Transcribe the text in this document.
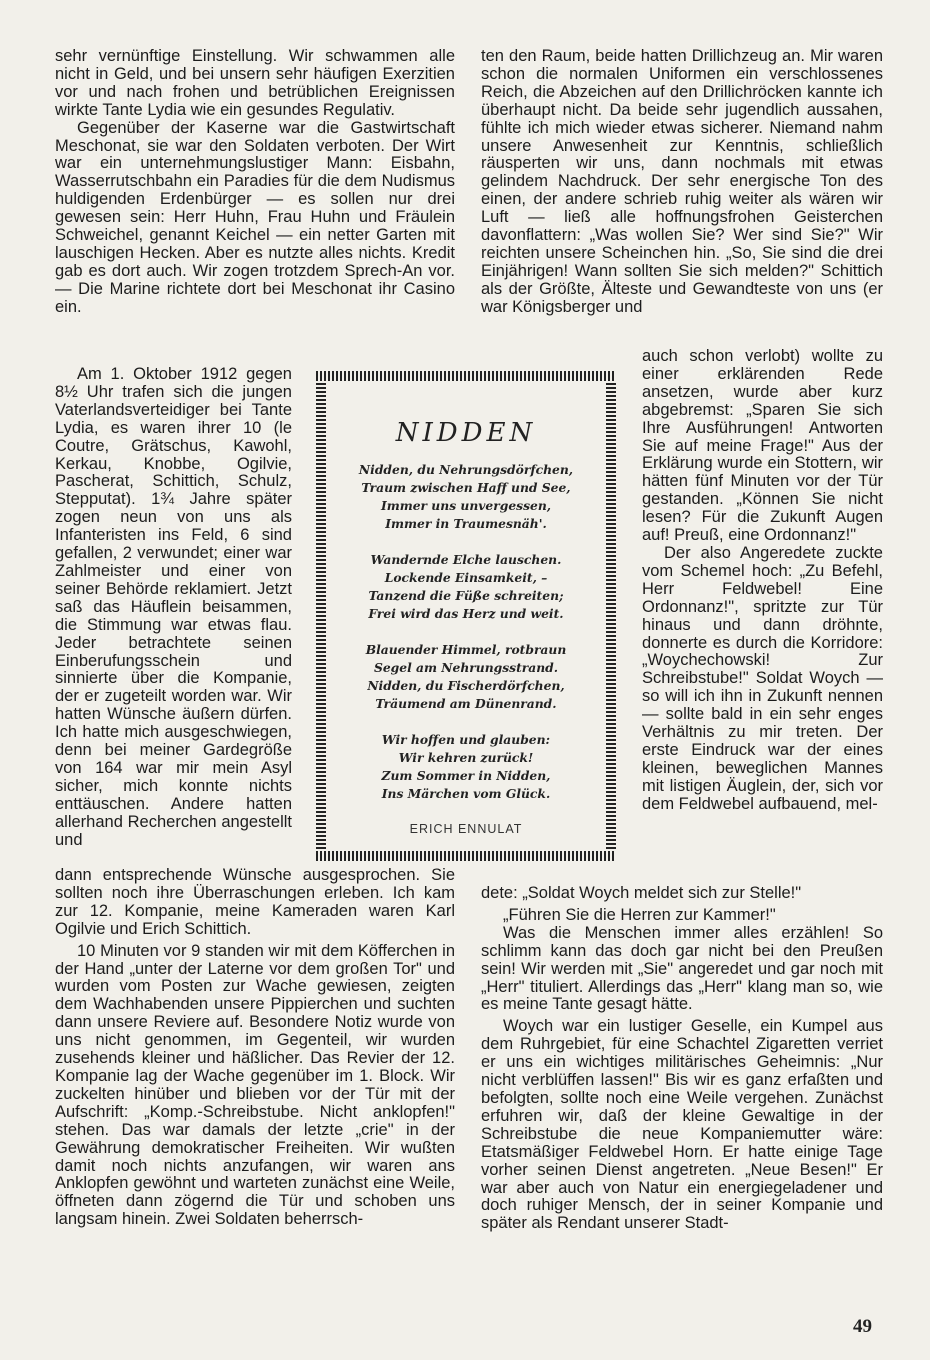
sehr vernünftige Einstellung. Wir schwammen alle nicht in Geld, und bei unsern sehr häufigen Exerzitien vor und nach frohen und betrüblichen Ereignissen wirkte Tante Lydia wie ein gesundes Regulativ.

Gegenüber der Kaserne war die Gastwirtschaft Meschonat, sie war den Soldaten verboten. Der Wirt war ein unternehmungslustiger Mann: Eisbahn, Wasserrutschbahn ein Paradies für die dem Nudismus huldigenden Erdenbürger — es sollen nur drei gewesen sein: Herr Huhn, Frau Huhn und Fräulein Schweichel, genannt Keichel — ein netter Garten mit lauschigen Hecken. Aber es nutzte alles nichts. Kredit gab es dort auch. Wir zogen trotzdem Sprech-An vor. — Die Marine richtete dort bei Meschonat ihr Casino ein.

Am 1. Oktober 1912 gegen 8½ Uhr trafen sich die jungen Vaterlandsverteidiger bei Tante Lydia, es waren ihrer 10 (le Coutre, Grätschus, Kawohl, Kerkau, Knobbe, Ogilvie, Pascherat, Schittich, Schulz, Stepputat). 1¾ Jahre später zogen neun von uns als Infanteristen ins Feld, 6 sind gefallen, 2 verwundet; einer war Zahlmeister und einer von seiner Behörde reklamiert. Jetzt saß das Häuflein beisammen, die Stimmung war etwas flau. Jeder betrachtete seinen Einberufungsschein und sinnierte über die Kompanie, der er zugeteilt worden war. Wir hatten Wünsche äußern dürfen. Ich hatte mich ausgeschwiegen, denn bei meiner Gardegröße von 164 war mir mein Asyl sicher, mich konnte nichts enttäuschen. Andere hatten allerhand Recherchen angestellt und

dann entsprechende Wünsche ausgesprochen. Sie sollten noch ihre Überraschungen erleben. Ich kam zur 12. Kompanie, meine Kameraden waren Karl Ogilvie und Erich Schittich.

10 Minuten vor 9 standen wir mit dem Köfferchen in der Hand „unter der Laterne vor dem großen Tor" und wurden vom Posten zur Wache gewiesen, zeigten dem Wachhabenden unsere Pippierchen und suchten dann unsere Reviere auf. Besondere Notiz wurde von uns nicht genommen, im Gegenteil, wir wurden zusehends kleiner und häßlicher. Das Revier der 12. Kompanie lag der Wache gegenüber im 1. Block. Wir zuckelten hinüber und blieben vor der Tür mit der Aufschrift: „Komp.-Schreibstube. Nicht anklopfen!" stehen. Das war damals der letzte „crie" in der Gewährung demokratischer Freiheiten. Wir wußten damit noch nichts anzufangen, wir waren ans Anklopfen gewöhnt und warteten zunächst eine Weile, öffneten dann zögernd die Tür und schoben uns langsam hinein. Zwei Soldaten beherrsch-

ten den Raum, beide hatten Drillichzeug an. Mir waren schon die normalen Uniformen ein verschlossenes Reich, die Abzeichen auf den Drillichröcken kannte ich überhaupt nicht. Da beide sehr jugendlich aussahen, fühlte ich mich wieder etwas sicherer. Niemand nahm unsere Anwesenheit zur Kenntnis, schließlich räusperten wir uns, dann nochmals mit etwas gelindem Nachdruck. Der sehr energische Ton des einen, der andere schrieb ruhig weiter als wären wir Luft — ließ alle hoffnungsfrohen Geisterchen davonflattern: „Was wollen Sie? Wer sind Sie?" Wir reichten unsere Scheinchen hin. „So, Sie sind die drei Einjährigen! Wann sollten Sie sich melden?" Schittich als der Größte, Älteste und Gewandteste von uns (er war Königsberger und

auch schon verlobt) wollte zu einer erklärenden Rede ansetzen, wurde aber kurz abgebremst: „Sparen Sie sich Ihre Ausführungen! Antworten Sie auf meine Frage!" Aus der Erklärung wurde ein Stottern, wir hätten fünf Minuten vor der Tür gestanden. „Können Sie nicht lesen? Für die Zukunft Augen auf! Preuß, eine Ordonnanz!"

Der also Angeredete zuckte vom Schemel hoch: „Zu Befehl, Herr Feldwebel! Eine Ordonnanz!", spritzte zur Tür hinaus und dann dröhnte, donnerte es durch die Korridore: „Woychechowski! Zur Schreibstube!" Soldat Woych — so will ich ihn in Zukunft nennen — sollte bald in ein sehr enges Verhältnis zu mir treten. Der erste Eindruck war der eines kleinen, beweglichen Mannes mit listigen Äuglein, der, sich vor dem Feldwebel aufbauend, mel-

dete: „Soldat Woych meldet sich zur Stelle!"

„Führen Sie die Herren zur Kammer!"

Was die Menschen immer alles erzählen! So schlimm kann das doch gar nicht bei den Preußen sein! Wir werden mit „Sie" angeredet und gar noch mit „Herr" tituliert. Allerdings das „Herr" klang man so, wie es meine Tante gesagt hätte.

Woych war ein lustiger Geselle, ein Kumpel aus dem Ruhrgebiet, für eine Schachtel Zigaretten verriet er uns ein wichtiges militärisches Geheimnis: „Nur nicht verblüffen lassen!" Bis wir es ganz erfaßten und befolgten, sollte noch eine Weile vergehen. Zunächst erfuhren wir, daß der kleine Gewaltige in der Schreibstube die neue Kompaniemutter wäre: Etatsmäßiger Feldwebel Horn. Er hatte einige Tage vorher seinen Dienst angetreten. „Neue Besen!" Er war aber auch von Natur ein energiegeladener und doch ruhiger Mensch, der in seiner Kompanie und später als Rendant unserer Stadt-

NIDDEN
Nidden, du Nehrungsdörfchen,
Traum zwischen Haff und See,
Immer uns unvergessen,
Immer in Traumesnäh'.
Wandernde Elche lauschen.
Lockende Einsamkeit, –
Tanzend die Füße schreiten;
Frei wird das Herz und weit.
Blauender Himmel, rotbraun
Segel am Nehrungsstrand.
Nidden, du Fischerdörfchen,
Träumend am Dünenrand.
Wir hoffen und glauben:
Wir kehren zurück!
Zum Sommer in Nidden,
Ins Märchen vom Glück.
ERICH ENNULAT
49
